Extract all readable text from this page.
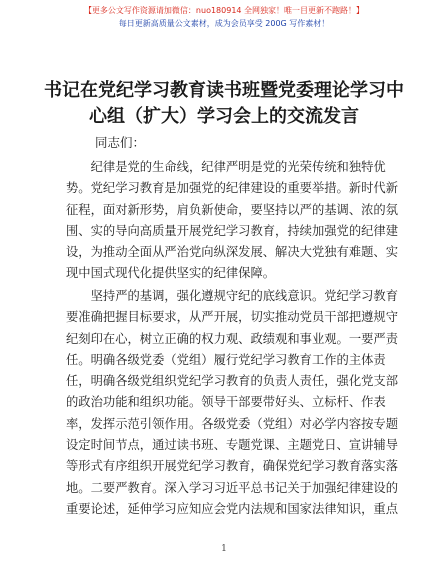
【更多公文写作资源请加微信：nuo180914 全网独家！唯一目更新不跑路！】
每日更新高质量公文素材，成为会员享受 200G 写作素材！
书记在党纪学习教育读书班暨党委理论学习中
心组（扩大）学习会上的交流发言
同志们：
　　纪律是党的生命线，纪律严明是党的光荣传统和独特优
势。党纪学习教育是加强党的纪律建设的重要举措。新时代新
征程，面对新形势，肩负新使命，要坚持以严的基调、浓的氛
围、实的导向高质量开展党纪学习教育，持续加强党的纪律建
设，为推动全面从严治党向纵深发展、解决大党独有难题、实
现中国式现代化提供坚实的纪律保障。
　　坚持严的基调，强化遵规守纪的底线意识。党纪学习教育
要准确把握目标要求，从严开展，切实推动党员干部把遵规守
纪刻印在心，树立正确的权力观、政绩观和事业观。一要严责
任。明确各级党委（党组）履行党纪学习教育工作的主体责
任，明确各级党组织党纪学习教育的负责人责任，强化党支部
的政治功能和组织功能。领导干部要带好头、立标杆、作表
率，发挥示范引领作用。各级党委（党组）对必学内容按专题
设定时间节点，通过读书班、专题党课、主题党日、宣讲辅导
等形式有序组织开展党纪学习教育，确保党纪学习教育落实落
地。二要严教育。深入学习习近平总书记关于加强纪律建设的
重要论述，延伸学习应知应会党内法规和国家法律知识，重点
1
